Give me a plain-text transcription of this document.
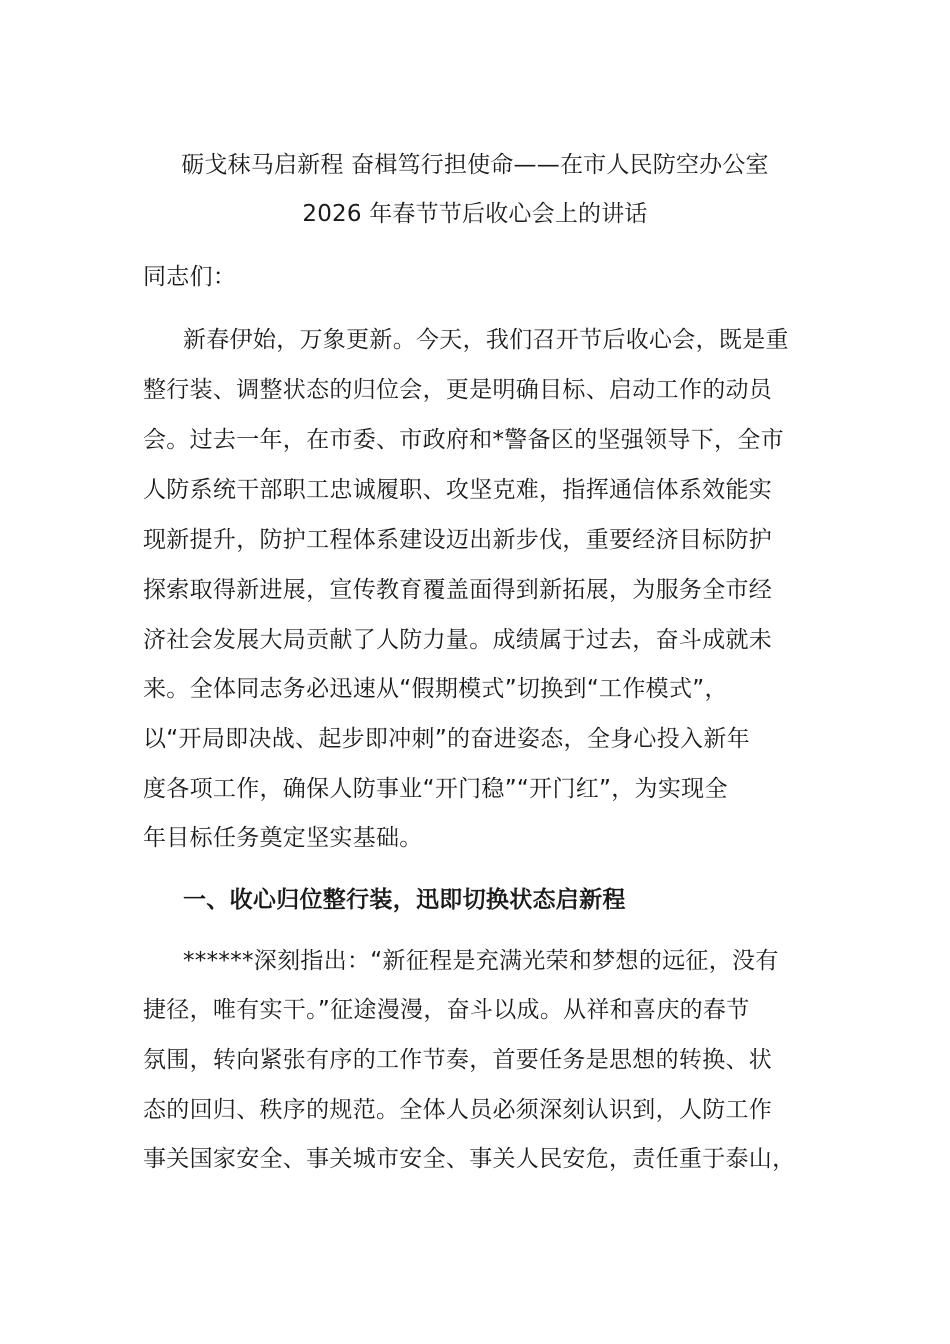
砺戈秣马启新程 奋楫笃行担使命——在市人民防空办公室
2026 年春节节后收心会上的讲话
同志们：
新春伊始，万象更新。今天，我们召开节后收心会，既是重
整行装、调整状态的归位会，更是明确目标、启动工作的动员
会。过去一年，在市委、市政府和*警备区的坚强领导下，全市
人防系统干部职工忠诚履职、攻坚克难，指挥通信体系效能实
现新提升，防护工程体系建设迈出新步伐，重要经济目标防护
探索取得新进展，宣传教育覆盖面得到新拓展，为服务全市经
济社会发展大局贡献了人防力量。成绩属于过去，奋斗成就未
来。全体同志务必迅速从“假期模式”切换到“工作模式”，
以“开局即决战、起步即冲刺”的奋进姿态，全身心投入新年
度各项工作，确保人防事业“开门稳”“开门红”，为实现全
年目标任务奠定坚实基础。
一、收心归位整行装，迅即切换状态启新程
******深刻指出：“新征程是充满光荣和梦想的远征，没有
捷径，唯有实干。”征途漫漫，奋斗以成。从祥和喜庆的春节
氛围，转向紧张有序的工作节奏，首要任务是思想的转换、状
态的回归、秩序的规范。全体人员必须深刻认识到，人防工作
事关国家安全、事关城市安全、事关人民安危，责任重于泰山，
